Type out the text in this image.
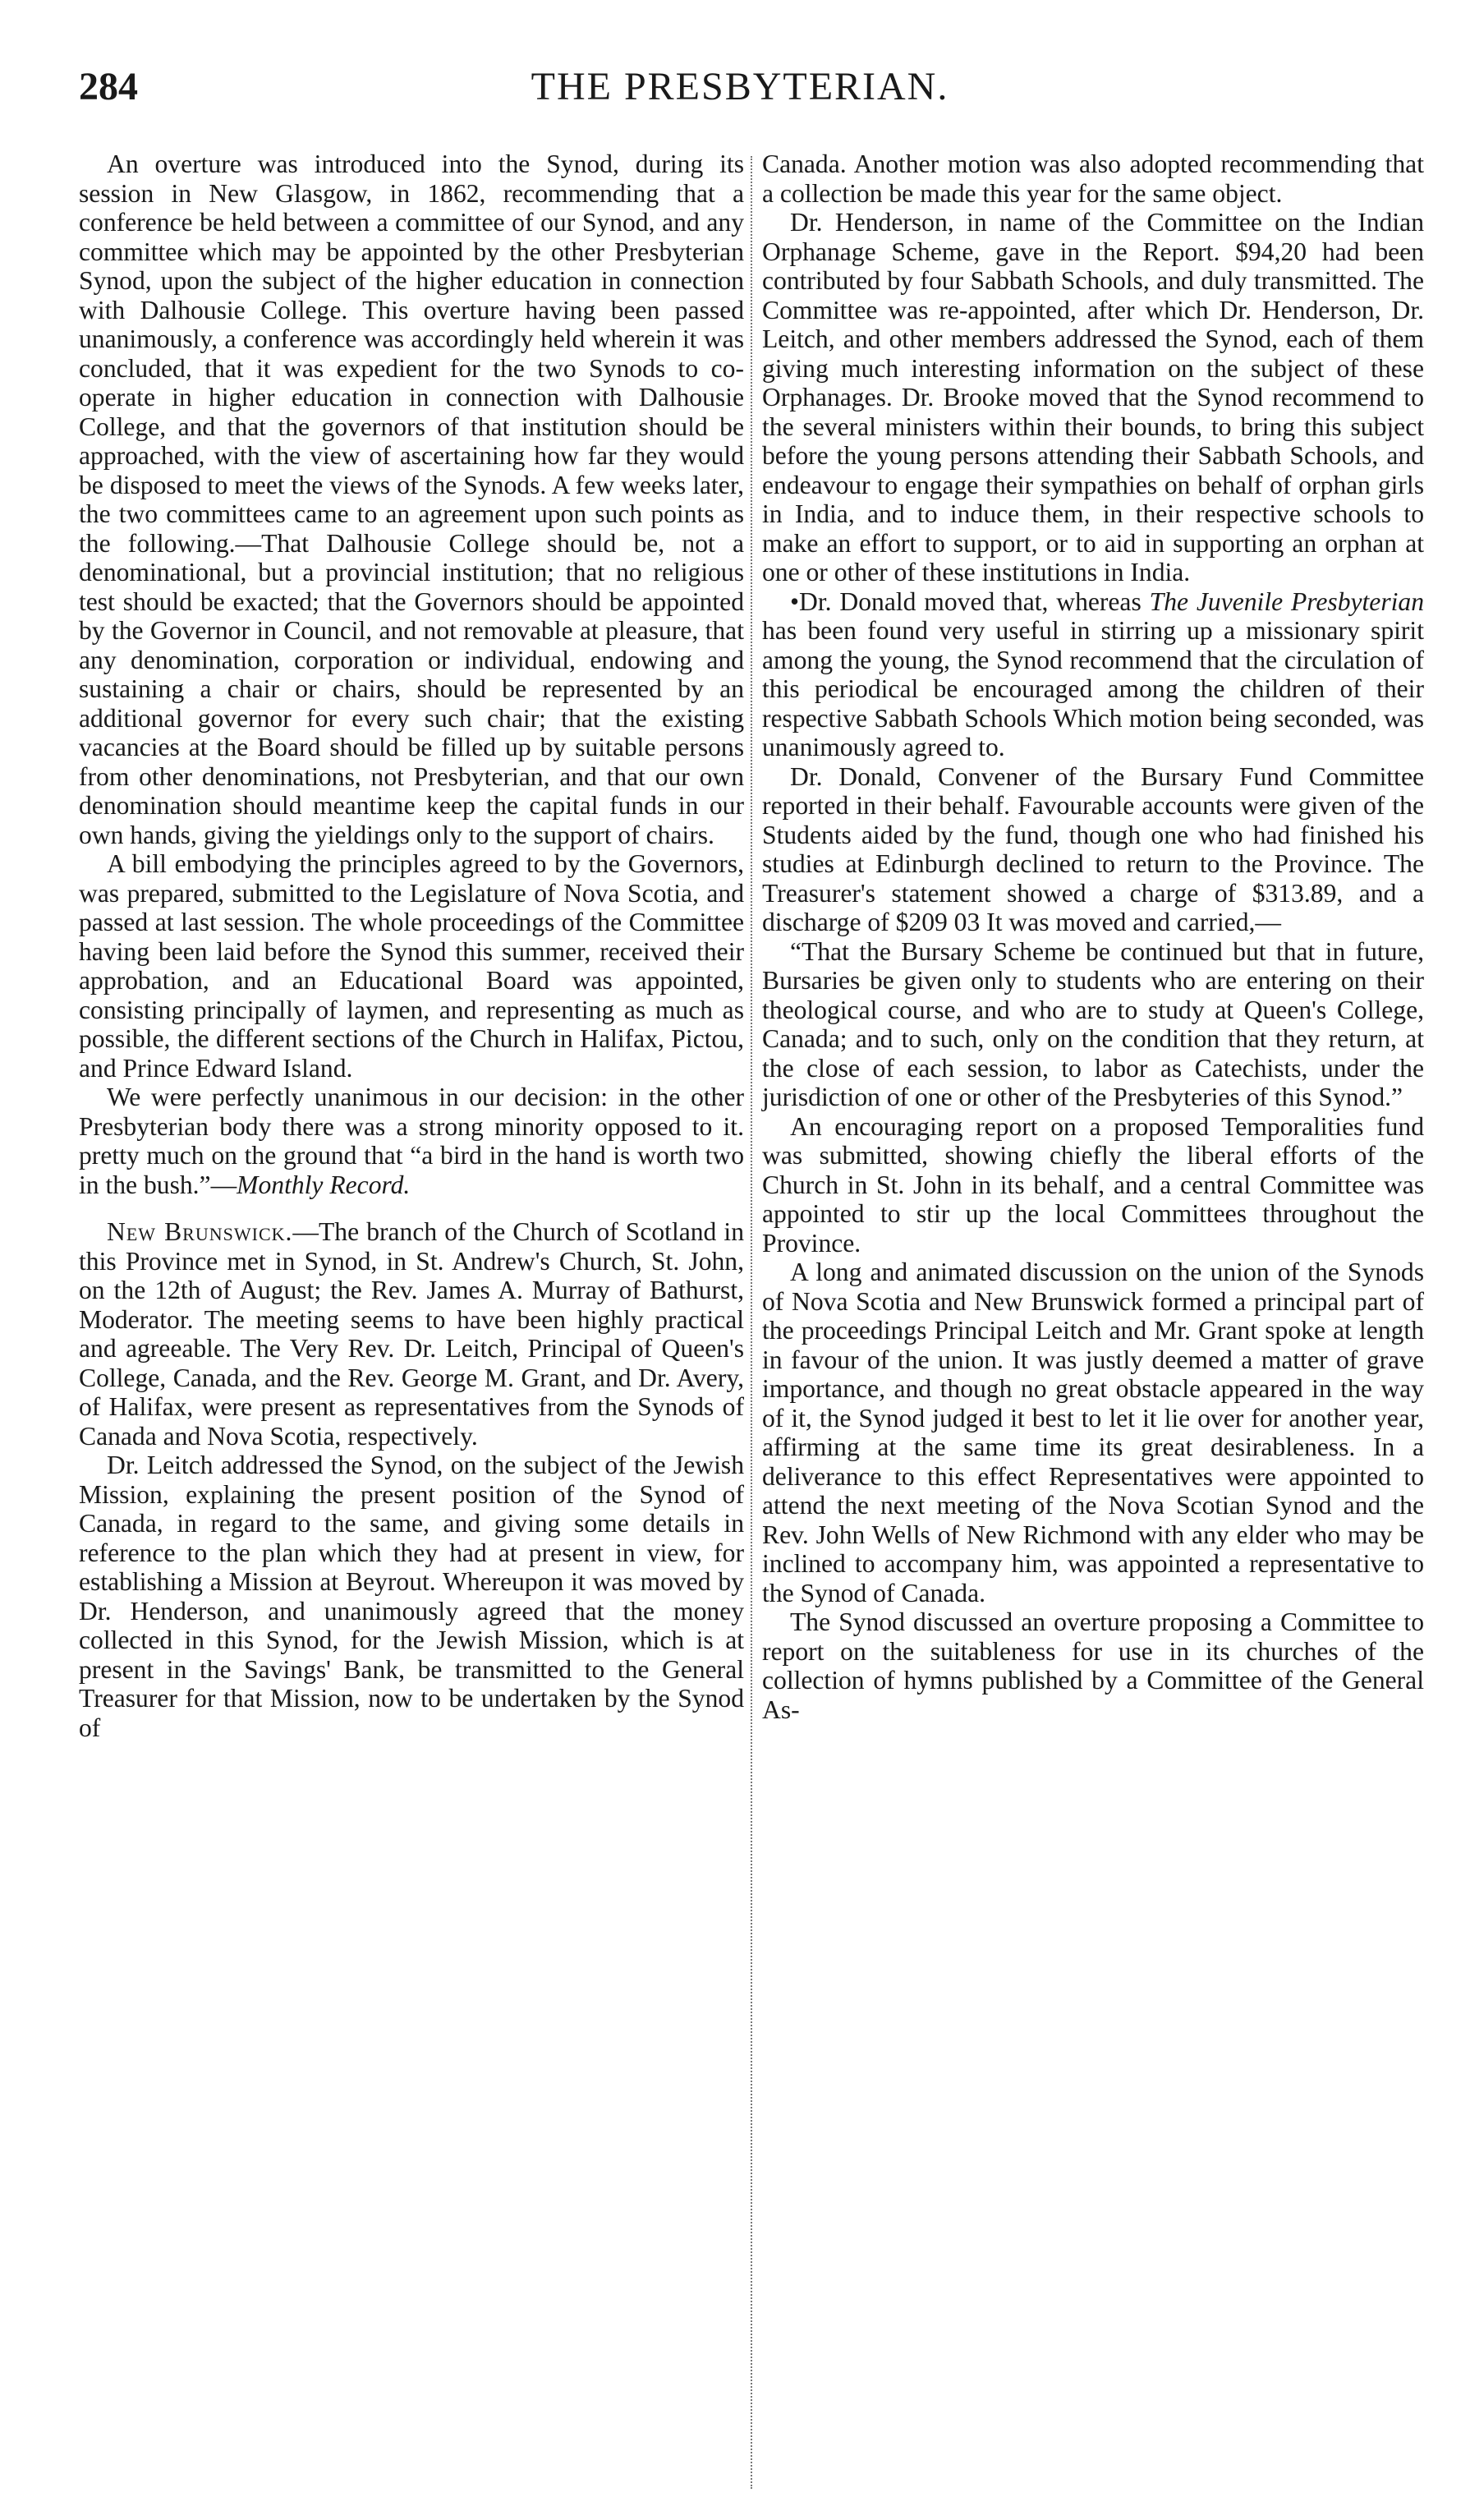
284	THE PRESBYTERIAN.

An overture was introduced into the Synod, during its session in New Glasgow, in 1862, recommending that a conference be held between a committee of our Synod, and any committee which may be appointed by the other Presbyterian Synod, upon the subject of the higher education in connection with Dalhousie College. This overture having been passed unanimously, a conference was accordingly held wherein it was concluded, that it was expedient for the two Synods to co-operate in higher education in connection with Dalhousie College, and that the governors of that institution should be approached, with the view of ascertaining how far they would be disposed to meet the views of the Synods. A few weeks later, the two committees came to an agreement upon such points as the following.—That Dalhousie College should be, not a denominational, but a provincial institution; that no religious test should be exacted; that the Governors should be appointed by the Governor in Council, and not removable at pleasure, that any denomination, corporation or individual, endowing and sustaining a chair or chairs, should be represented by an additional governor for every such chair; that the existing vacancies at the Board should be filled up by suitable persons from other denominations, not Presbyterian, and that our own denomination should meantime keep the capital funds in our own hands, giving the yieldings only to the support of chairs.

A bill embodying the principles agreed to by the Governors, was prepared, submitted to the Legislature of Nova Scotia, and passed at last session. The whole proceedings of the Committee having been laid before the Synod this summer, received their approbation, and an Educational Board was appointed, consisting principally of laymen, and representing as much as possible, the different sections of the Church in Halifax, Pictou, and Prince Edward Island.

We were perfectly unanimous in our decision: in the other Presbyterian body there was a strong minority opposed to it. pretty much on the ground that “a bird in the hand is worth two in the bush.”—Monthly Record.

New Brunswick.—The branch of the Church of Scotland in this Province met in Synod, in St. Andrew's Church, St. John, on the 12th of August; the Rev. James A. Murray of Bathurst, Moderator. The meeting seems to have been highly practical and agreeable. The Very Rev. Dr. Leitch, Principal of Queen's College, Canada, and the Rev. George M. Grant, and Dr. Avery, of Halifax, were present as representatives from the Synods of Canada and Nova Scotia, respectively.

Dr. Leitch addressed the Synod, on the subject of the Jewish Mission, explaining the present position of the Synod of Canada, in regard to the same, and giving some details in reference to the plan which they had at present in view, for establishing a Mission at Beyrout. Whereupon it was moved by Dr. Henderson, and unanimously agreed that the money collected in this Synod, for the Jewish Mission, which is at present in the Savings' Bank, be transmitted to the General Treasurer for that Mission, now to be undertaken by the Synod of

Canada. Another motion was also adopted recommending that a collection be made this year for the same object.

Dr. Henderson, in name of the Committee on the Indian Orphanage Scheme, gave in the Report. $94,20 had been contributed by four Sabbath Schools, and duly transmitted. The Committee was re-appointed, after which Dr. Henderson, Dr. Leitch, and other members addressed the Synod, each of them giving much interesting information on the subject of these Orphanages. Dr. Brooke moved that the Synod recommend to the several ministers within their bounds, to bring this subject before the young persons attending their Sabbath Schools, and endeavour to engage their sympathies on behalf of orphan girls in India, and to induce them, in their respective schools to make an effort to support, or to aid in supporting an orphan at one or other of these institutions in India.

•Dr. Donald moved that, whereas The Juvenile Presbyterian has been found very useful in stirring up a missionary spirit among the young, the Synod recommend that the circulation of this periodical be encouraged among the children of their respective Sabbath Schools Which motion being seconded, was unanimously agreed to.

Dr. Donald, Convener of the Bursary Fund Committee reported in their behalf. Favourable accounts were given of the Students aided by the fund, though one who had finished his studies at Edinburgh declined to return to the Province. The Treasurer's statement showed a charge of $313.89, and a discharge of $209 03 It was moved and carried,—

“That the Bursary Scheme be continued but that in future, Bursaries be given only to students who are entering on their theological course, and who are to study at Queen's College, Canada; and to such, only on the condition that they return, at the close of each session, to labor as Catechists, under the jurisdiction of one or other of the Presbyteries of this Synod.”

An encouraging report on a proposed Temporalities fund was submitted, showing chiefly the liberal efforts of the Church in St. John in its behalf, and a central Committee was appointed to stir up the local Committees throughout the Province.

A long and animated discussion on the union of the Synods of Nova Scotia and New Brunswick formed a principal part of the proceedings Principal Leitch and Mr. Grant spoke at length in favour of the union. It was justly deemed a matter of grave importance, and though no great obstacle appeared in the way of it, the Synod judged it best to let it lie over for another year, affirming at the same time its great desirableness. In a deliverance to this effect Representatives were appointed to attend the next meeting of the Nova Scotian Synod and the Rev. John Wells of New Richmond with any elder who may be inclined to accompany him, was appointed a representative to the Synod of Canada.

The Synod discussed an overture proposing a Committee to report on the suitableness for use in its churches of the collection of hymns published by a Committee of the General As-
